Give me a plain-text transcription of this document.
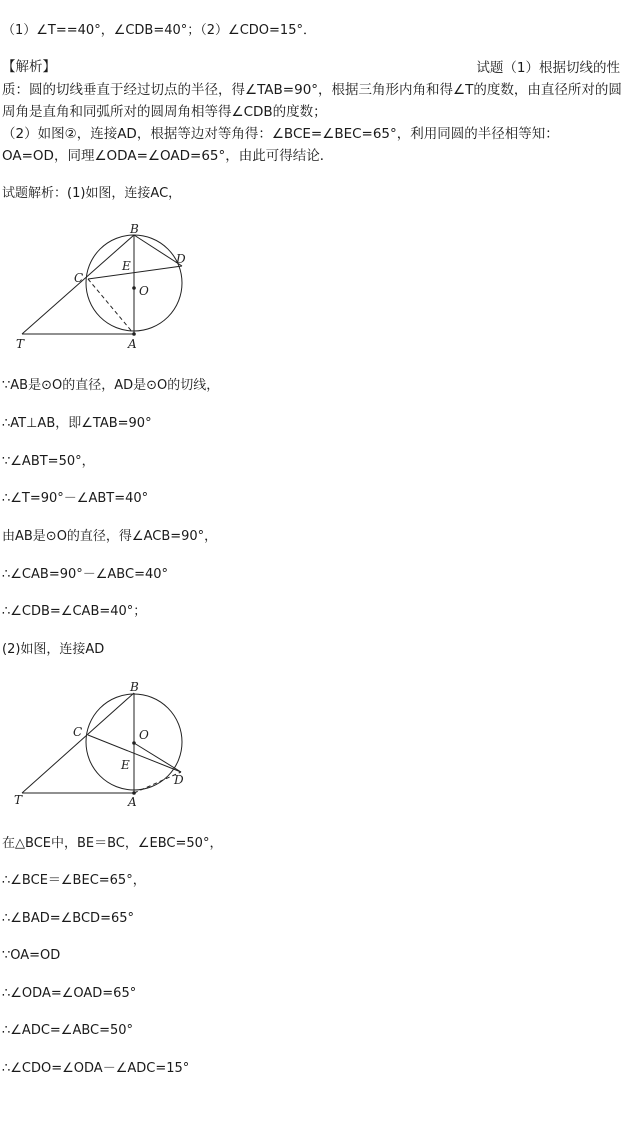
（1）∠T==40°，∠CDB=40°；（2）∠CDO=15°．
【解析】	试题（1）根据切线的性
质：圆的切线垂直于经过切点的半径，得∠TAB=90°，根据三角形内角和得∠T的度数，由直径所对的圆周角是直角和同弧所对的圆周角相等得∠CDB的度数；
（2）如图②，连接AD，根据等边对等角得：∠BCE=∠BEC=65°，利用同圆的半径相等知：OA=OD，同理∠ODA=∠OAD=65°，由此可得结论．
试题解析：(1)如图，连接AC，
B
D
E
C
O
T	A
∵AB是⊙O的直径，AD是⊙O的切线，
∴AT⊥AB，即∠TAB=90°
∵∠ABT=50°，
∴∠T=90°－∠ABT=40°
由AB是⊙O的直径，得∠ACB=90°，
∴∠CAB=90°－∠ABC=40°
∴∠CDB=∠CAB=40°；
(2)如图，连接AD
B
C	O
E
D
T	A
在△BCE中，BE＝BC，∠EBC=50°，
∴∠BCE＝∠BEC=65°，
∴∠BAD=∠BCD=65°
∵OA=OD
∴∠ODA=∠OAD=65°
∴∠ADC=∠ABC=50°
∴∠CDO=∠ODA－∠ADC=15°
